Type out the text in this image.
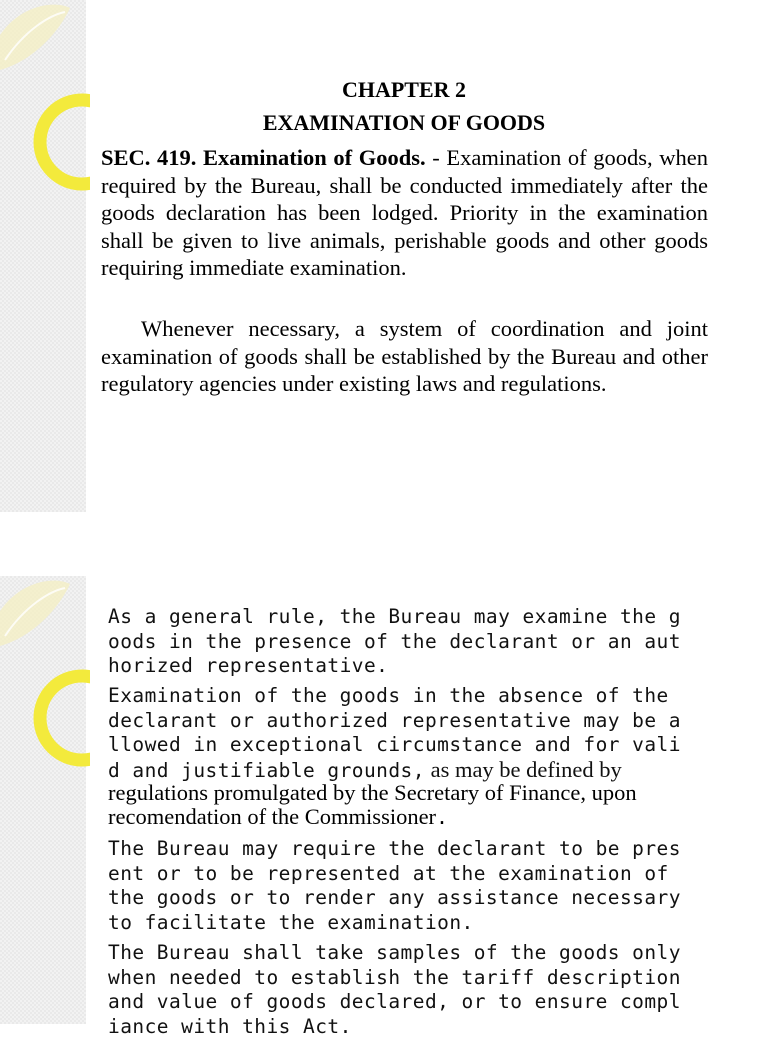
CHAPTER 2
EXAMINATION OF GOODS

SEC. 419. Examination of Goods. - Examination of goods, when required by the Bureau, shall be conducted immediately after the goods declaration has been lodged. Priority in the examination shall be given to live animals, perishable goods and other goods requiring immediate examination.

Whenever necessary, a system of coordination and joint examination of goods shall be established by the Bureau and other regulatory agencies under existing laws and regulations.

As a general rule, the Bureau may examine the g
oods in the presence of the declarant or an aut
horized representative.
Examination of the goods in the absence of the
declarant or authorized representative may be a
llowed in exceptional circumstance and for vali
d and justifiable grounds, as may be defined by
regulations promulgated by the Secretary of Finance, upon
recomendation of the Commissioner.
The Bureau may require the declarant to be pres
ent or to be represented at the examination of
the goods or to render any assistance necessary
to facilitate the examination.
The Bureau shall take samples of the goods only
when needed to establish the tariff description
and value of goods declared, or to ensure compl
iance with this Act.
